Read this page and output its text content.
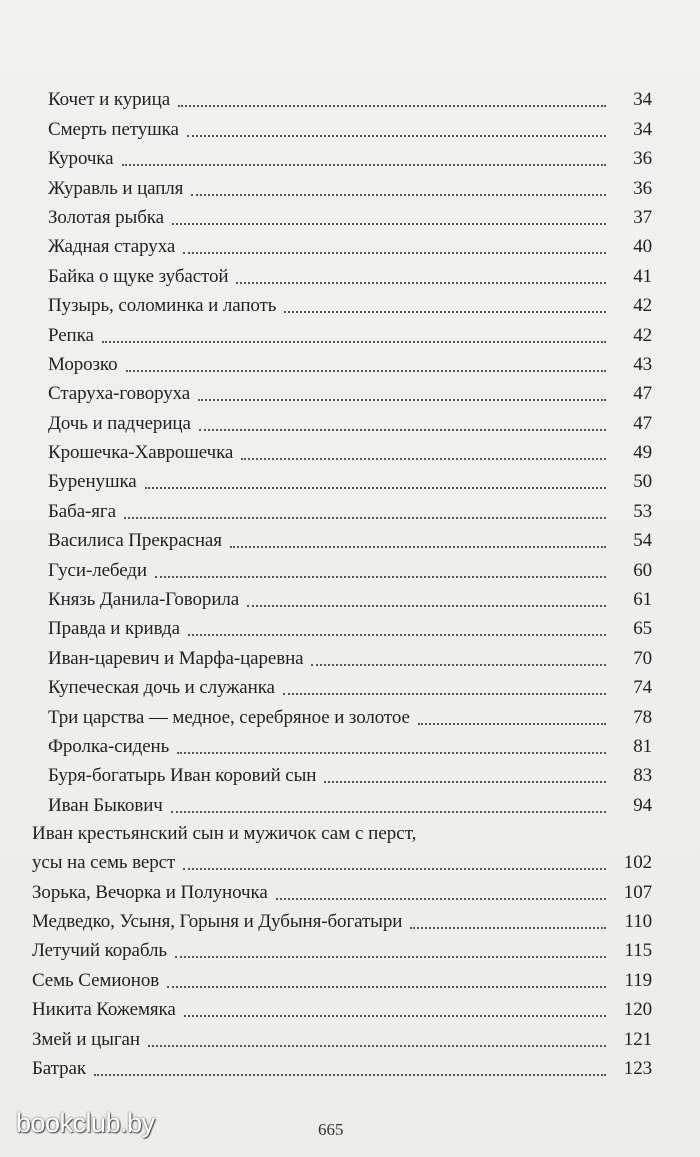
Кочет и курица	34
Смерть петушка	34
Курочка	36
Журавль и цапля	36
Золотая рыбка	37
Жадная старуха	40
Байка о щуке зубастой	41
Пузырь, соломинка и лапоть	42
Репка	42
Морозко	43
Старуха-говоруха	47
Дочь и падчерица	47
Крошечка-Хаврошечка	49
Буренушка	50
Баба-яга	53
Василиса Прекрасная	54
Гуси-лебеди	60
Князь Данила-Говорила	61
Правда и кривда	65
Иван-царевич и Марфа-царевна	70
Купеческая дочь и служанка	74
Три царства — медное, серебряное и золотое	78
Фролка-сидень	81
Буря-богатырь Иван коровий сын	83
Иван Быкович	94
Иван крестьянский сын и мужичок сам с перст,
усы на семь верст	102
Зорька, Вечорка и Полуночка	107
Медведко, Усыня, Горыня и Дубыня-богатыри	110
Летучий корабль	115
Семь Семионов	119
Никита Кожемяка	120
Змей и цыган	121
Батрак	123
665
bookclub.by
